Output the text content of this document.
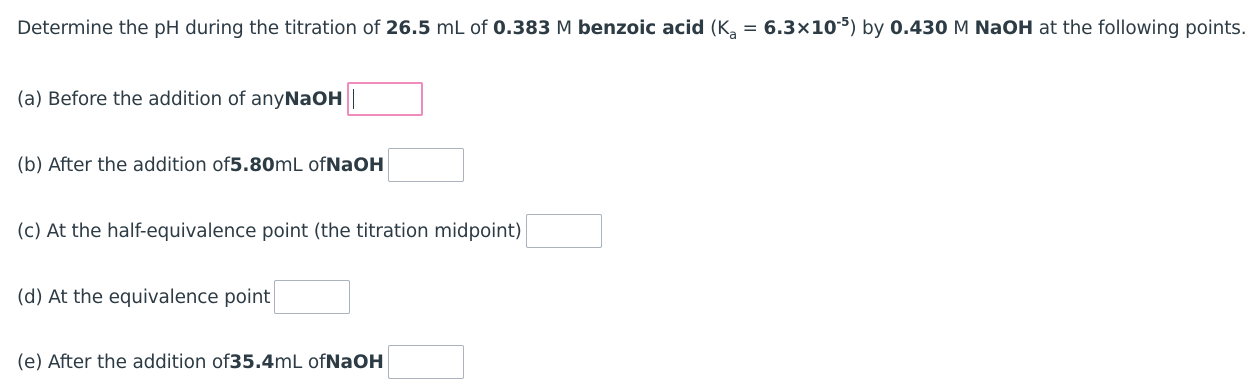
Determine the pH during the titration of 26.5 mL of 0.383 M benzoic acid $(K_a = 6.3\times 10^{-5})$ by 0.430 M NaOH at the following points.
(a) Before the addition of any NaOH
(b) After the addition of 5.80 mL of NaOH
(c) At the half-equivalence point (the titration midpoint)
(d) At the equivalence point
(e) After the addition of 35.4 mL of NaOH
